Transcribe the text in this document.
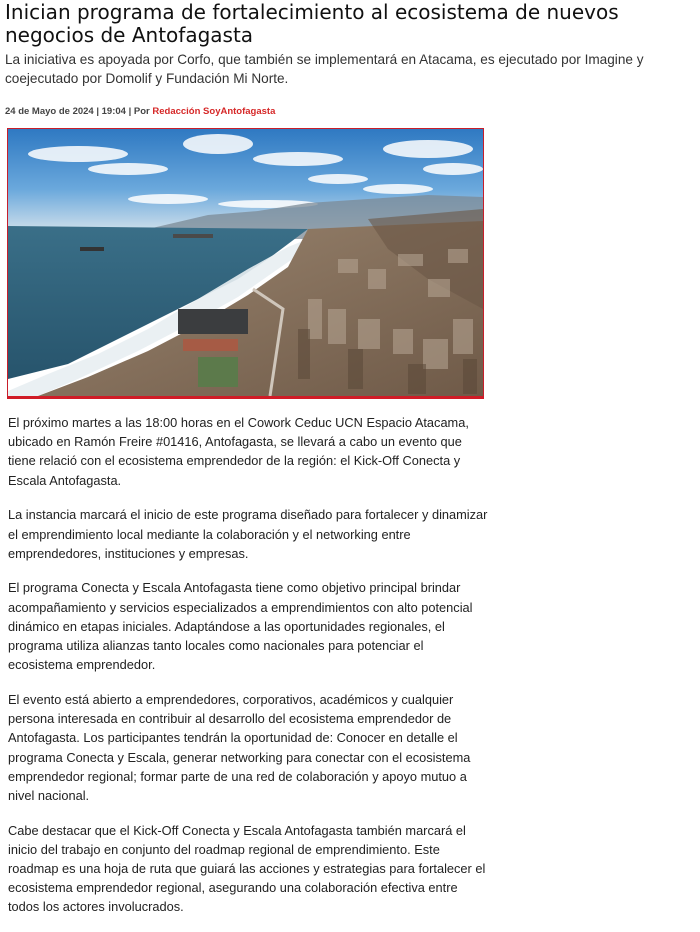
Inician programa de fortalecimiento al ecosistema de nuevos negocios de Antofagasta

La iniciativa es apoyada por Corfo, que también se implementará en Atacama, es ejecutado por Imagine y coejecutado por Domolif y Fundación Mi Norte.

24 de Mayo de 2024 | 19:04 | Por Redacción SoyAntofagasta

El próximo martes a las 18:00 horas en el Cowork Ceduc UCN Espacio Atacama, ubicado en Ramón Freire #01416, Antofagasta, se llevará a cabo un evento que tiene relació con el ecosistema emprendedor de la región: el Kick-Off Conecta y Escala Antofagasta.

La instancia marcará el inicio de este programa diseñado para fortalecer y dinamizar el emprendimiento local mediante la colaboración y el networking entre emprendedores, instituciones y empresas.

El programa Conecta y Escala Antofagasta tiene como objetivo principal brindar acompañamiento y servicios especializados a emprendimientos con alto potencial dinámico en etapas iniciales. Adaptándose a las oportunidades regionales, el programa utiliza alianzas tanto locales como nacionales para potenciar el ecosistema emprendedor.

El evento está abierto a emprendedores, corporativos, académicos y cualquier persona interesada en contribuir al desarrollo del ecosistema emprendedor de Antofagasta. Los participantes tendrán la oportunidad de: Conocer en detalle el programa Conecta y Escala, generar networking para conectar con el ecosistema emprendedor regional; formar parte de una red de colaboración y apoyo mutuo a nivel nacional.

Cabe destacar que el Kick-Off Conecta y Escala Antofagasta también marcará el inicio del trabajo en conjunto del roadmap regional de emprendimiento. Este roadmap es una hoja de ruta que guiará las acciones y estrategias para fortalecer el ecosistema emprendedor regional, asegurando una colaboración efectiva entre todos los actores involucrados.
